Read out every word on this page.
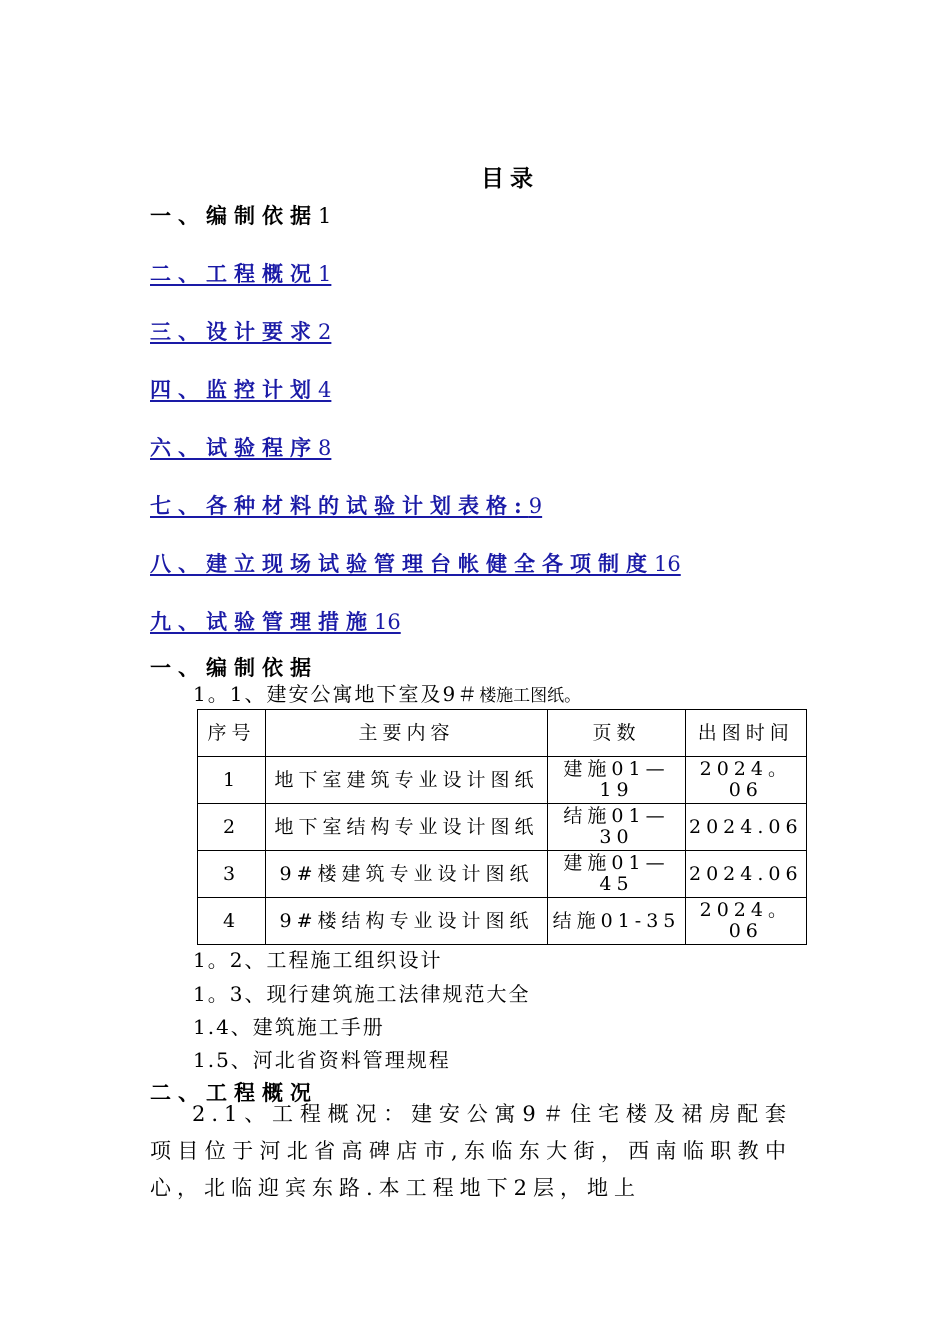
目录
一、编制依据1
二、工程概况1
三、设计要求2
四、监控计划4
六、试验程序8
七、各种材料的试验计划表格:9
八、建立现场试验管理台帐健全各项制度16
九、试验管理措施16
一、编制依据
1。1、建安公寓地下室及9＃楼施工图纸。
序号	主要内容	页数	出图时间
1	地下室建筑专业设计图纸	建施01—19	2024。06
2	地下室结构专业设计图纸	结施01—30	2024.06
3	9#楼建筑专业设计图纸	建施01—45	2024.06
4	9#楼结构专业设计图纸	结施01-35	2024。06
1。2、工程施工组织设计
1。3、现行建筑施工法律规范大全
1.4、建筑施工手册
1.5、河北省资料管理规程
二、工程概况
2.1、工程概况：建安公寓9＃住宅楼及裙房配套项目位于河北省高碑店市,东临东大街，西南临职教中心，北临迎宾东路.本工程地下2层，地上
